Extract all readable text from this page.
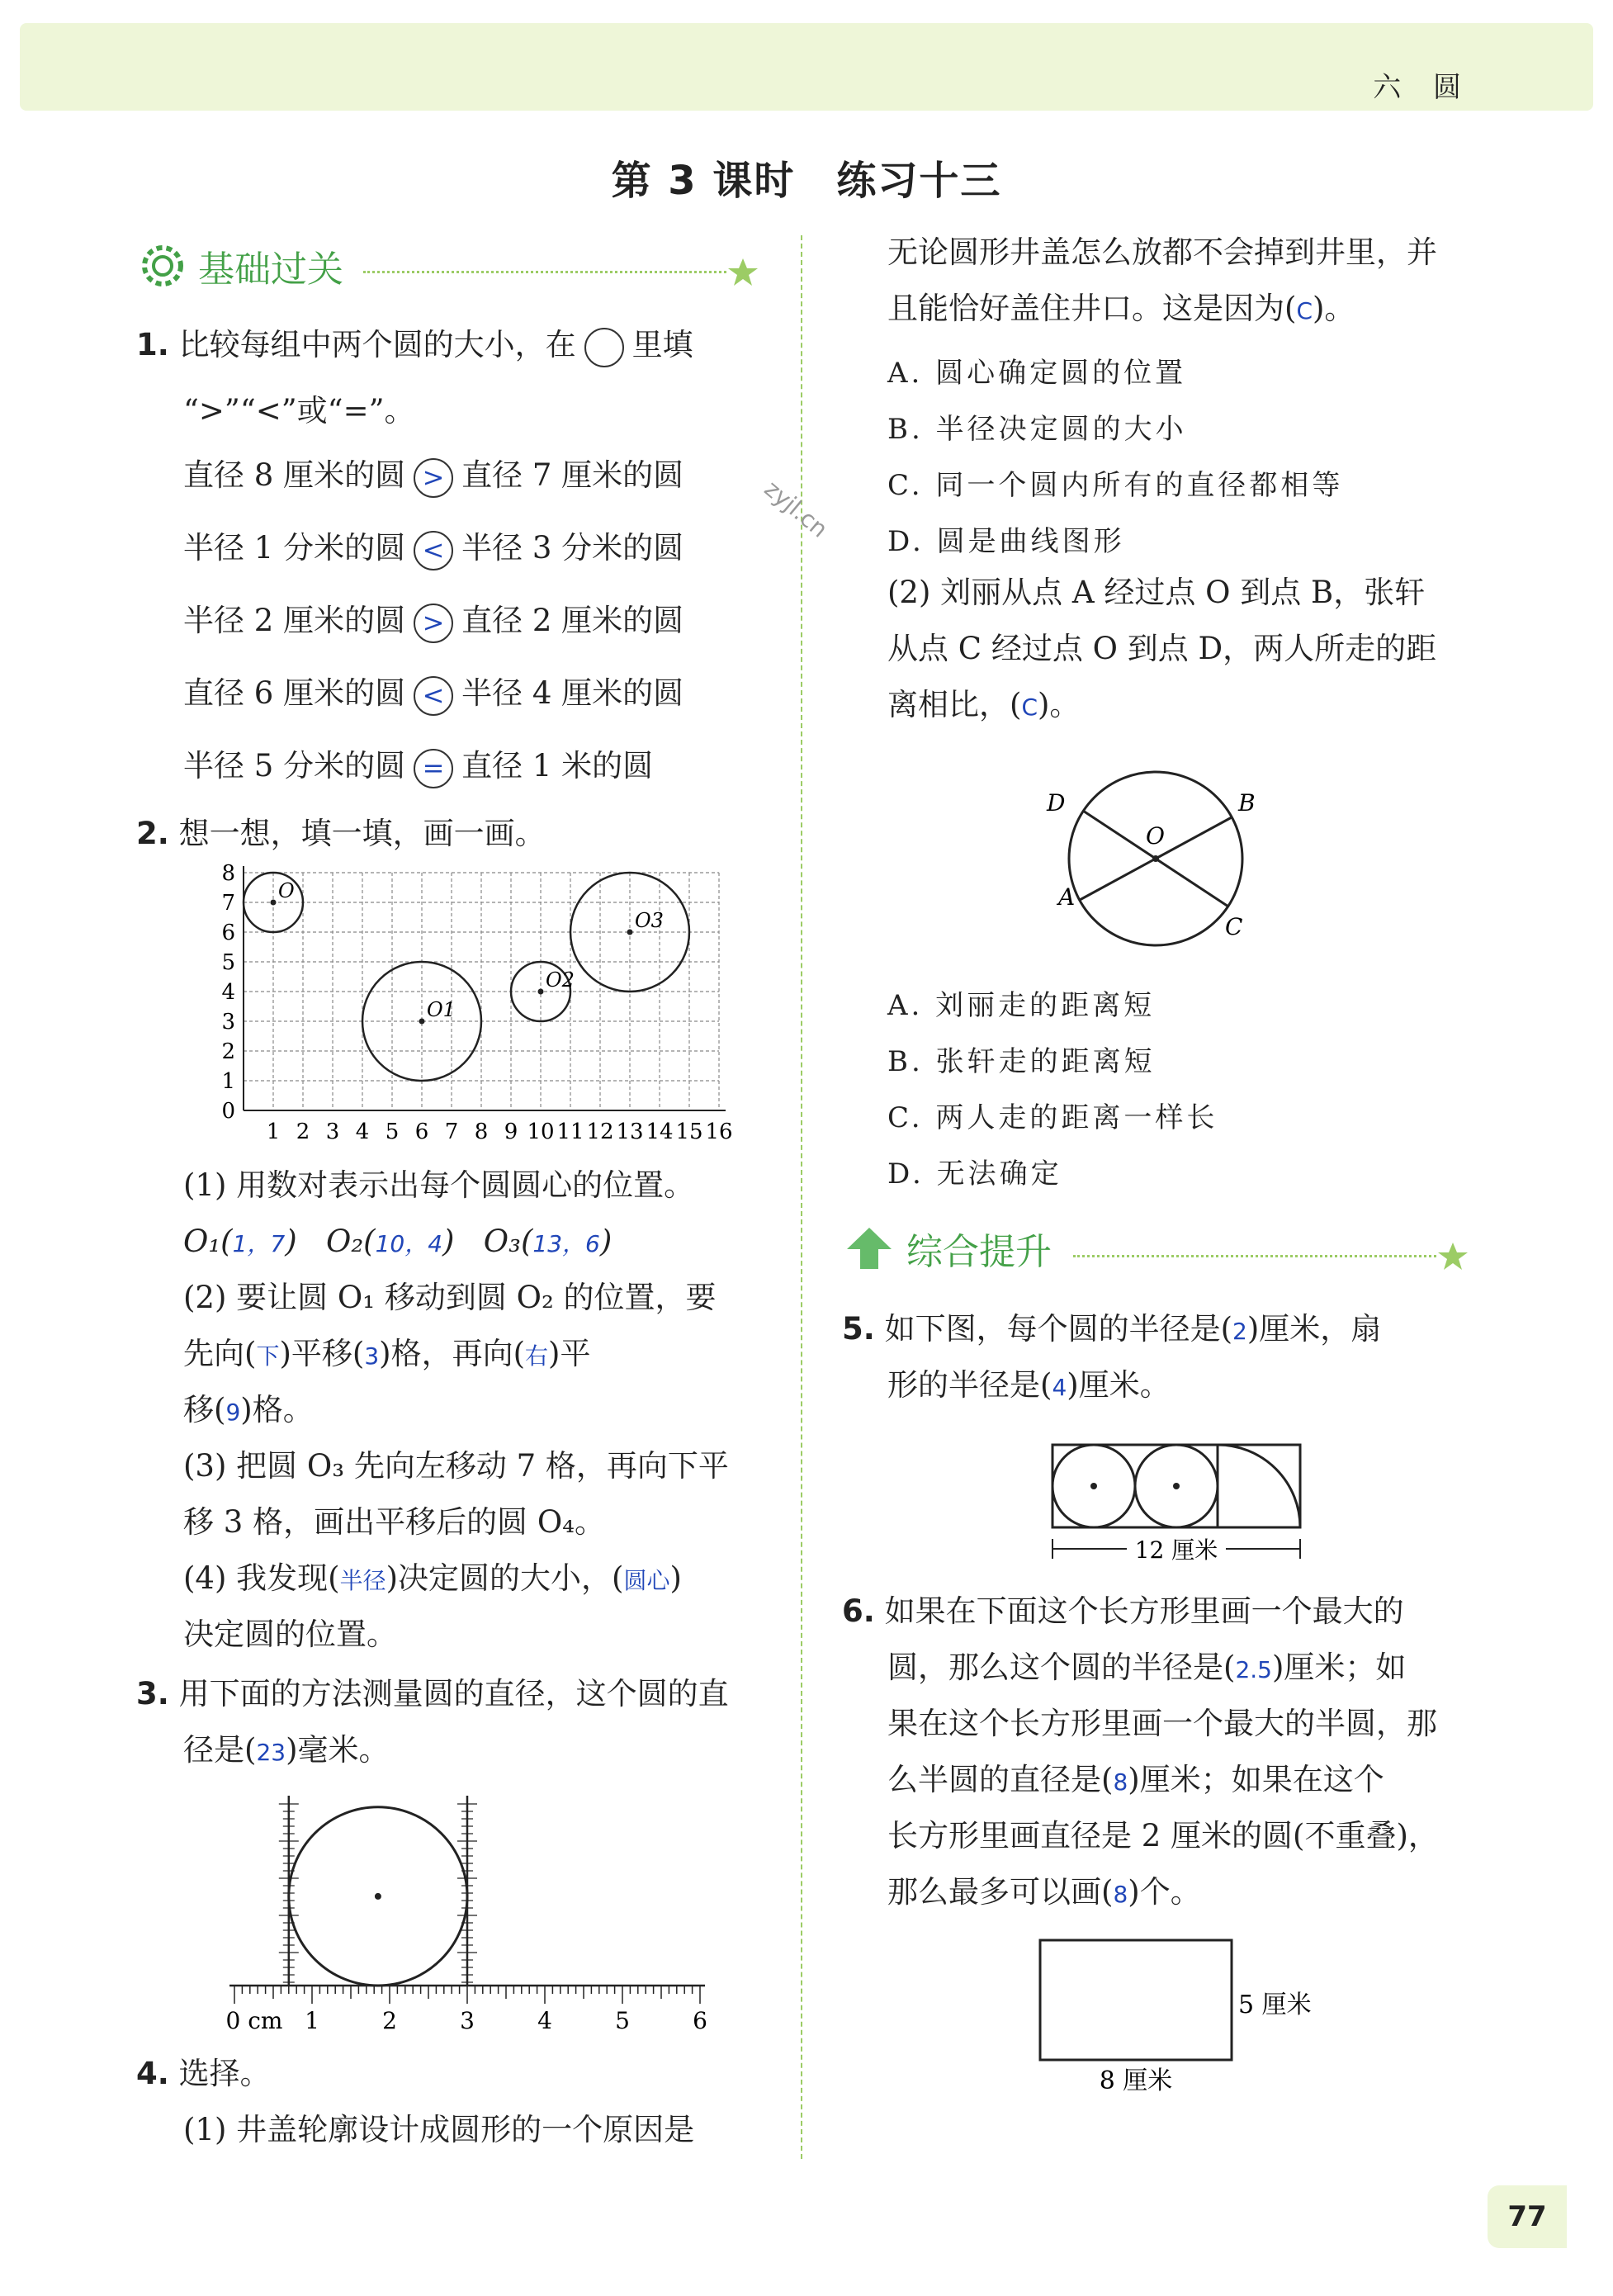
六 圆
第 3 课时　练习十三
基础过关
1. 比较每组中两个圆的大小，在 里填
“>”“<”或“=”。
直径 8 厘米的圆 > 直径 7 厘米的圆
半径 1 分米的圆 < 半径 3 分米的圆
半径 2 厘米的圆 > 直径 2 厘米的圆
直径 6 厘米的圆 < 半径 4 厘米的圆
半径 5 分米的圆 = 直径 1 米的圆
zyjl.cn
2. 想一想，填一填，画一画。
0
1
2
3
4
5
6
7
8
1 2 3 4 5 6 7 8 9 10 11 12 13 14 15 16
O
O1
O2
O3
(1) 用数对表示出每个圆圆心的位置。
O₁(1，7) O₂(10，4) O₃(13，6)
(2) 要让圆 O₁ 移动到圆 O₂ 的位置，要
先向(下)平移(3)格，再向(右)平
移(9)格。
(3) 把圆 O₃ 先向左移动 7 格，再向下平
移 3 格，画出平移后的圆 O₄。
(4) 我发现(半径)决定圆的大小，(圆心)
决定圆的位置。
3. 用下面的方法测量圆的直径，这个圆的直
径是(23)毫米。
0 cm 1	2	3	4	5	6
4. 选择。
(1) 井盖轮廓设计成圆形的一个原因是
无论圆形井盖怎么放都不会掉到井里，并
且能恰好盖住井口。这是因为(C)。
A. 圆心确定圆的位置
B. 半径决定圆的大小
C. 同一个圆内所有的直径都相等
D. 圆是曲线图形
(2) 刘丽从点 A 经过点 O 到点 B，张轩
从点 C 经过点 O 到点 D，两人所走的距
离相比，(C)。
D
O
B
A
C
A. 刘丽走的距离短
B. 张轩走的距离短
C. 两人走的距离一样长
D. 无法确定
综合提升
5. 如下图，每个圆的半径是(2)厘米，扇
形的半径是(4)厘米。
12 厘米
6. 如果在下面这个长方形里画一个最大的
圆，那么这个圆的半径是(2.5)厘米；如
果在这个长方形里画一个最大的半圆，那
么半圆的直径是(8)厘米；如果在这个
长方形里画直径是 2 厘米的圆(不重叠)，
那么最多可以画(8)个。
5 厘米
8 厘米
77
